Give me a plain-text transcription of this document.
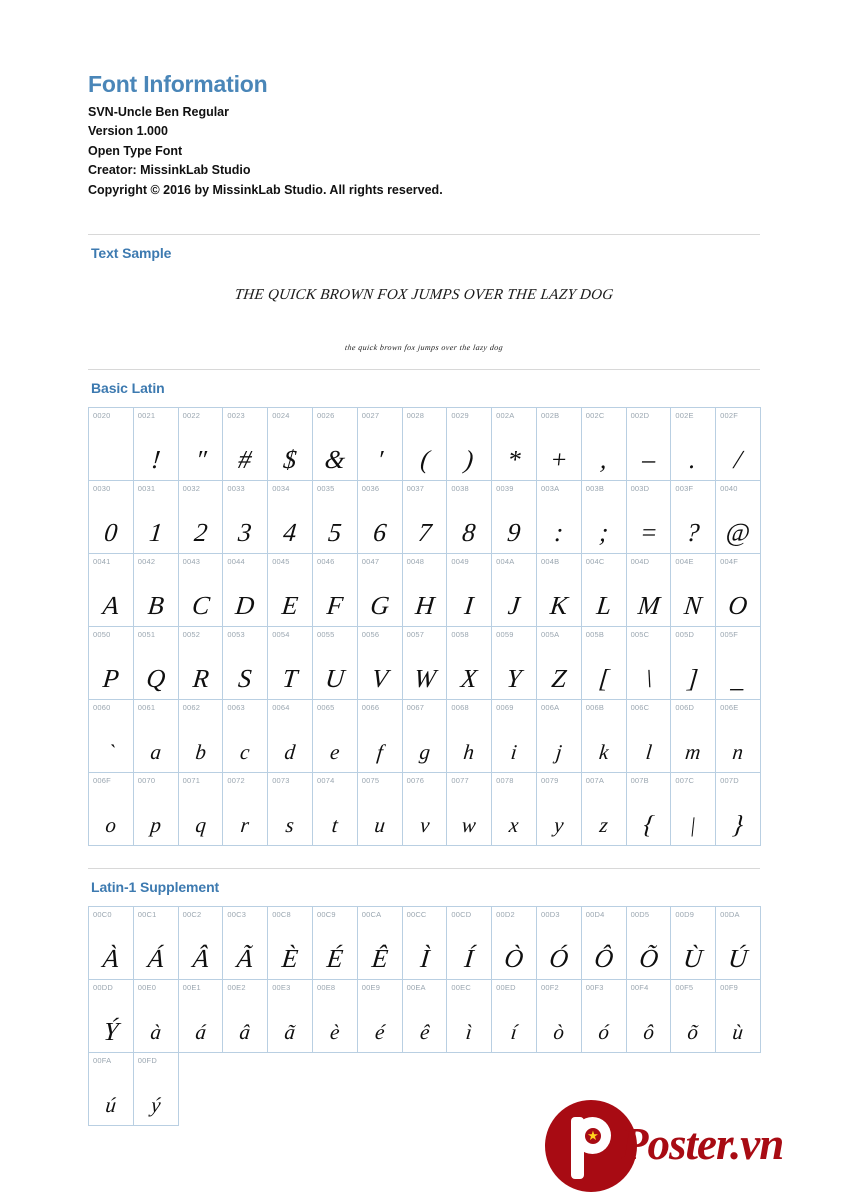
Font Information
SVN-Uncle Ben Regular
Version 1.000
Open Type Font
Creator: MissinkLab Studio
Copyright © 2016 by MissinkLab Studio. All rights reserved.
Text Sample
THE QUICK BROWN FOX JUMPS OVER THE LAZY DOG
the quick brown fox jumps over the lazy dog
Basic Latin
0020	0021
!
0022
"
0023
#
0024
$
0026
&
0027
'
0028
(
0029
)
002A
*
002B
+
002C
,
002D
–
002E
.
002F
/
0030
0
0031
1
0032
2
0033
3
0034
4
0035
5
0036
6
0037
7
0038
8
0039
9
003A
:
003B
;
003D
=
003F
?
0040
@
0041
A
0042
B
0043
C
0044
D
0045
E
0046
F
0047
G
0048
H
0049
I
004A
J
004B
K
004C
L
004D
M
004E
N
004F
O
0050
P
0051
Q
0052
R
0053
S
0054
T
0055
U
0056
V
0057
W
0058
X
0059
Y
005A
Z
005B
[
005C
\
005D
]
005F
_
0060
`
0061
a
0062
b
0063
c
0064
d
0065
e
0066
f
0067
g
0068
h
0069
i
006A
j
006B
k
006C
l
006D
m
006E
n
006F
o
0070
p
0071
q
0072
r
0073
s
0074
t
0075
u
0076
v
0077
w
0078
x
0079
y
007A
z
007B
{
007C
|
007D
}
Latin-1 Supplement
00C0
À
00C1
Á
00C2
Â
00C3
Ã
00C8
È
00C9
É
00CA
Ê
00CC
Ì
00CD
Í
00D2
Ò
00D3
Ó
00D4
Ô
00D5
Õ
00D9
Ù
00DA
Ú
00DD
Ý
00E0
à
00E1
á
00E2
â
00E3
ã
00E8
è
00E9
é
00EA
ê
00EC
ì
00ED
í
00F2
ò
00F3
ó
00F4
ô
00F5
õ
00F9
ù
00FA
ú
00FD
ý
★ Poster.vn
